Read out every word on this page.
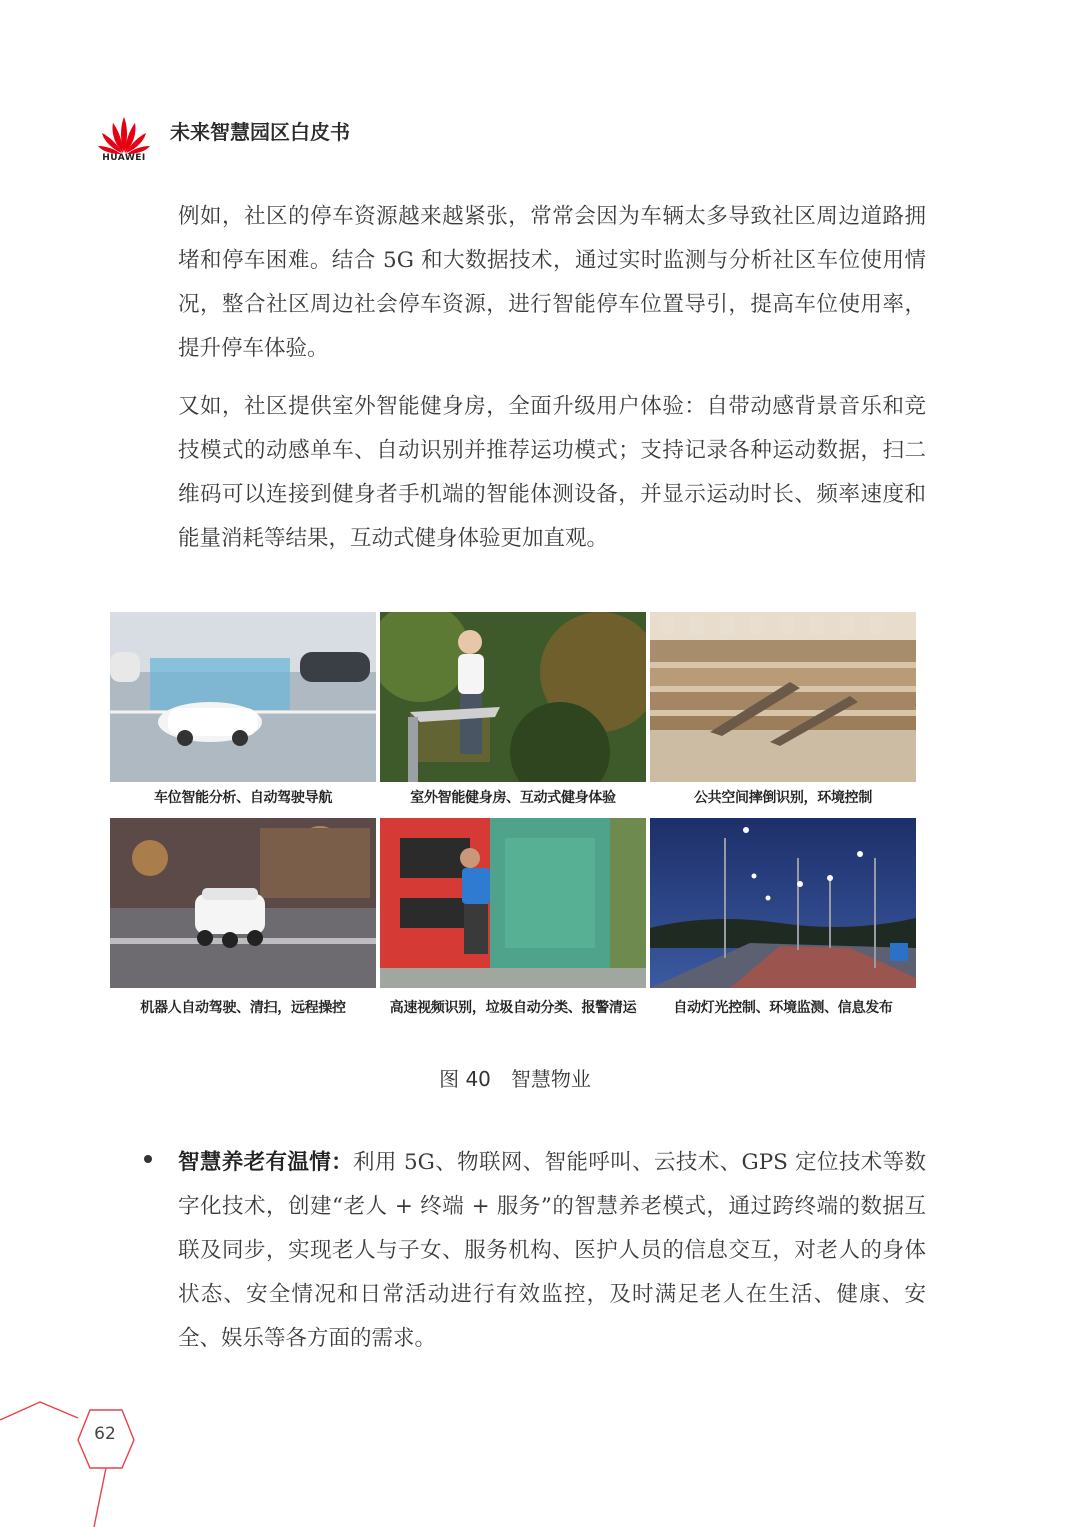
HUAWEI
未来智慧园区白皮书

例如，社区的停车资源越来越紧张，常常会因为车辆太多导致社区周边道路拥堵和停车困难。结合 5G 和大数据技术，通过实时监测与分析社区车位使用情况，整合社区周边社会停车资源，进行智能停车位置导引，提高车位使用率，提升停车体验。

又如，社区提供室外智能健身房，全面升级用户体验：自带动感背景音乐和竞技模式的动感单车、自动识别并推荐运功模式；支持记录各种运动数据，扫二维码可以连接到健身者手机端的智能体测设备，并显示运动时长、频率速度和能量消耗等结果，互动式健身体验更加直观。

车位智能分析、自动驾驶导航	室外智能健身房、互动式健身体验	公共空间摔倒识别，环境控制
机器人自动驾驶、清扫，远程操控	高速视频识别，垃圾自动分类、报警清运	自动灯光控制、环境监测、信息发布
图 40　智慧物业

智慧养老有温情：利用 5G、物联网、智能呼叫、云技术、GPS 定位技术等数字化技术，创建“老人 + 终端 + 服务”的智慧养老模式，通过跨终端的数据互联及同步，实现老人与子女、服务机构、医护人员的信息交互，对老人的身体状态、安全情况和日常活动进行有效监控，及时满足老人在生活、健康、安全、娱乐等各方面的需求。

62
